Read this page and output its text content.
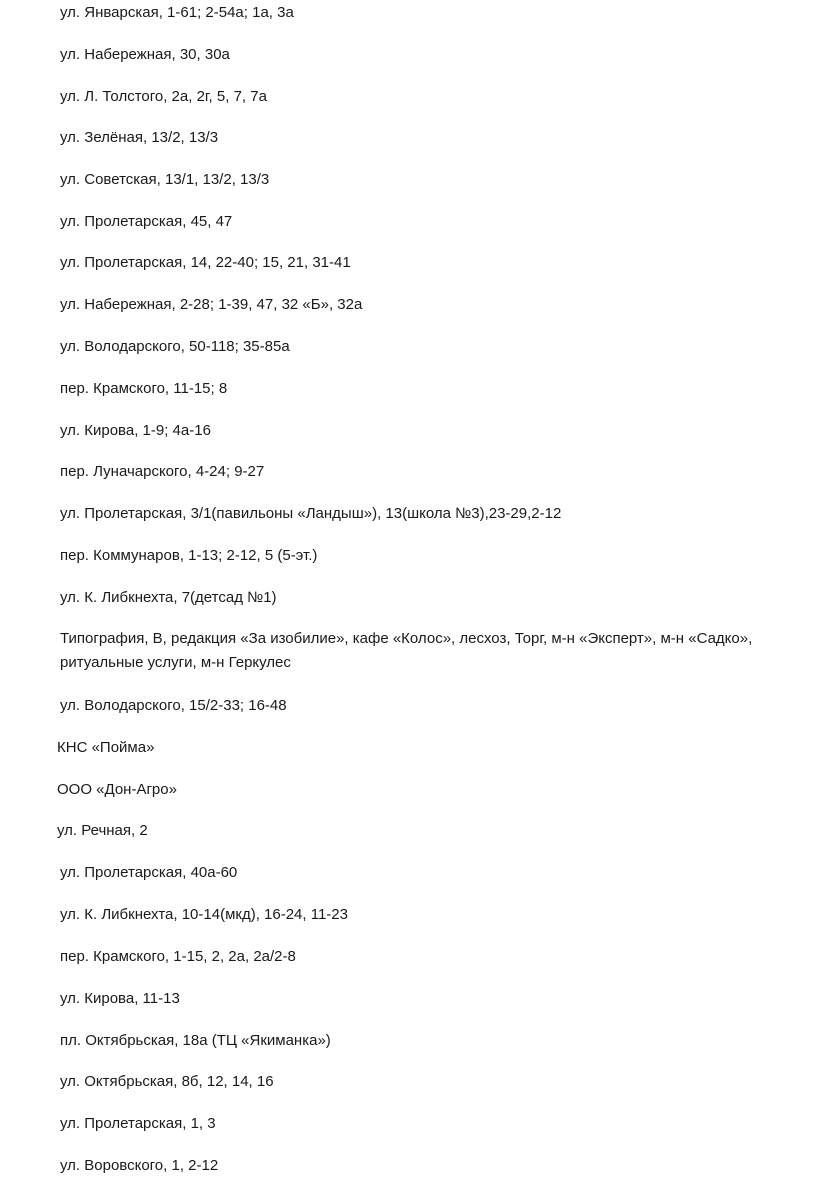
ул. Январская, 1-61; 2-54а; 1а, 3а
ул. Набережная, 30, 30а
ул. Л. Толстого, 2а, 2г, 5, 7, 7а
ул. Зелёная, 13/2, 13/3
ул. Советская, 13/1, 13/2, 13/3
ул. Пролетарская, 45, 47
ул. Пролетарская, 14, 22-40; 15, 21, 31-41
ул. Набережная, 2-28; 1-39, 47, 32 «Б», 32а
ул. Володарского, 50-118; 35-85а
пер. Крамского, 11-15; 8
ул. Кирова, 1-9; 4а-16
пер. Луначарского, 4-24; 9-27
ул. Пролетарская, 3/1(павильоны «Ландыш»), 13(школа №3),23-29,2-12
пер. Коммунаров, 1-13; 2-12, 5 (5-эт.)
ул. К. Либкнехта, 7(детсад №1)
Типография, В, редакция «За изобилие», кафе «Колос», лесхоз, Торг, м-н «Эксперт», м-н «Садко», ритуальные услуги, м-н Геркулес
ул. Володарского, 15/2-33; 16-48
КНС «Пойма»
ООО «Дон-Агро»
ул. Речная, 2
ул. Пролетарская, 40а-60
ул. К. Либкнехта, 10-14(мкд), 16-24, 11-23
пер. Крамского, 1-15, 2, 2а, 2а/2-8
ул. Кирова, 11-13
пл. Октябрьская, 18а (ТЦ «Якиманка»)
ул. Октябрьская, 8б, 12, 14, 16
ул. Пролетарская, 1, 3
ул. Воровского, 1, 2-12
